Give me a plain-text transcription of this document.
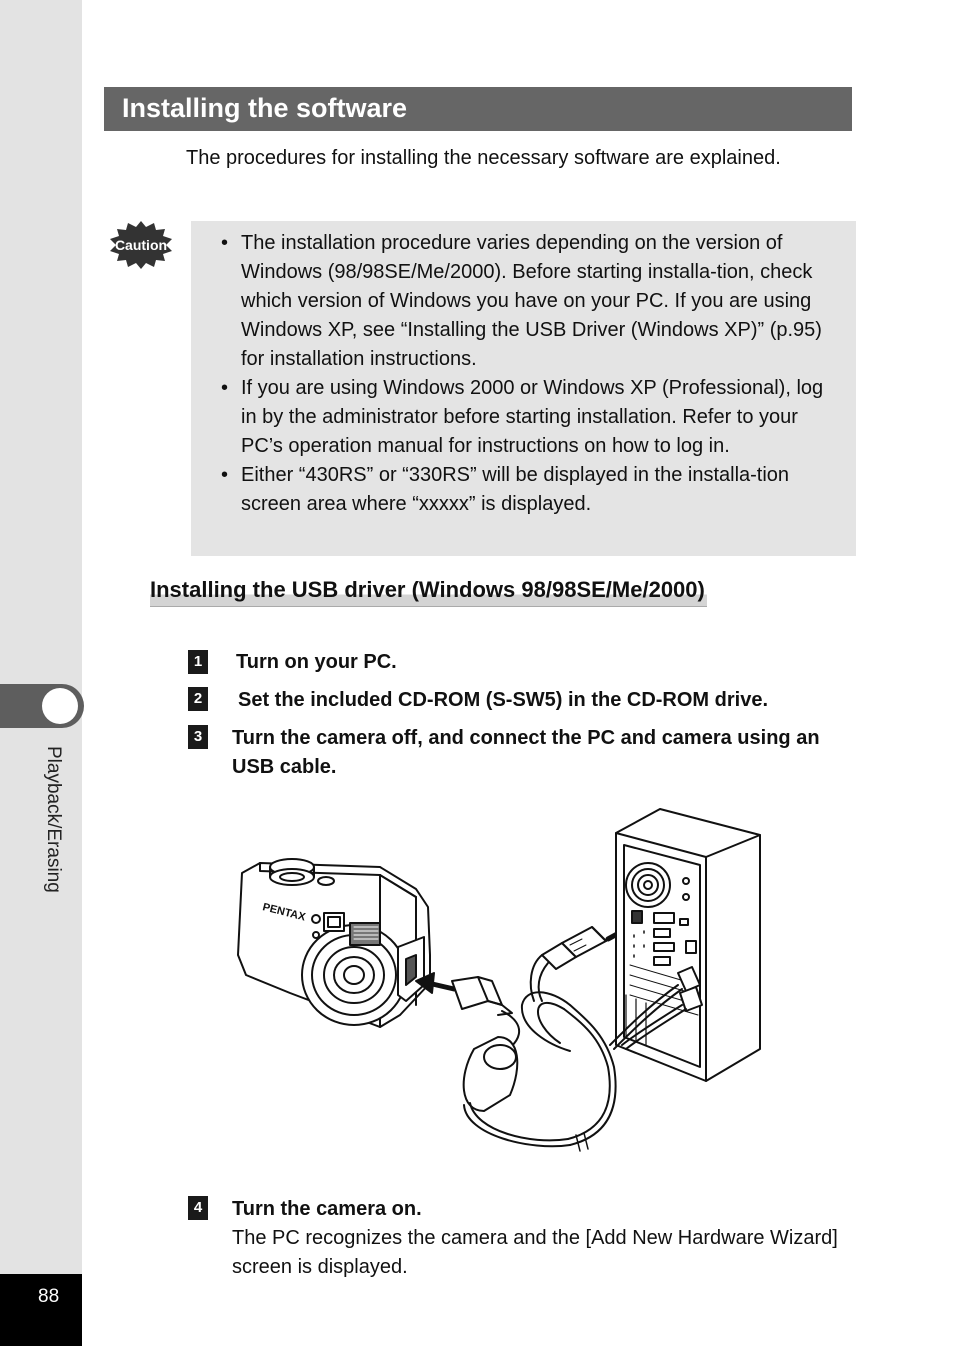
Playback/Erasing
88
Installing the software
The procedures for installing the necessary software are explained.
Caution
•	The installation procedure varies depending on the version of Windows (98/98SE/Me/2000). Before starting installa-tion, check which version of Windows you have on your PC. If you are using Windows XP, see “Installing the USB Driver (Windows XP)” (p.95) for installation instructions.
• If you are using Windows 2000 or Windows XP (Professional), log in by the administrator before starting installation. Refer to your PC’s operation manual for instructions on how to log in.
• Either “430RS” or “330RS” will be displayed in the installa-tion screen area where “xxxxx” is displayed.
Installing the USB driver (Windows 98/98SE/Me/2000)
1 Turn on your PC.
2 Set the included CD-ROM (S-SW5) in the CD-ROM drive.
3 Turn the camera off, and connect the PC and camera using an USB cable.
PENTAX
4 Turn the camera on.
The PC recognizes the camera and the [Add New Hardware Wizard] screen is displayed.
